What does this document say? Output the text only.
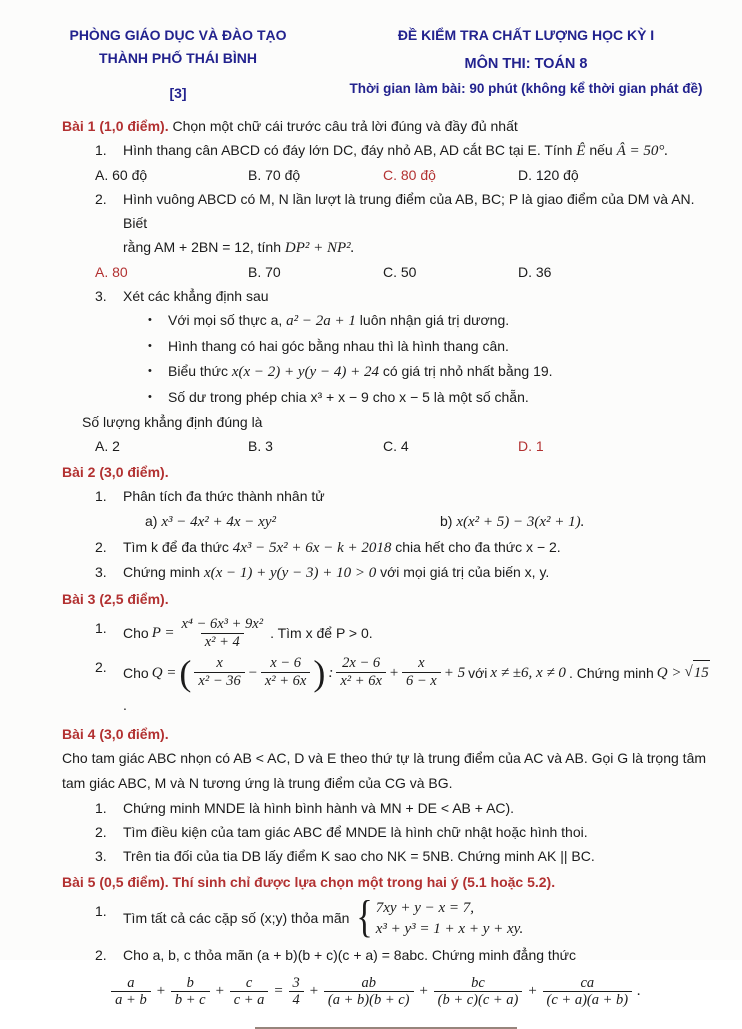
PHÒNG GIÁO DỤC VÀ ĐÀO TẠO
THÀNH PHỐ THÁI BÌNH
[3]
ĐỀ KIỂM TRA CHẤT LƯỢNG HỌC KỲ I
MÔN THI: TOÁN 8
Thời gian làm bài: 90 phút (không kể thời gian phát đề)
Bài 1 (1,0 điểm). Chọn một chữ cái trước câu trả lời đúng và đầy đủ nhất
1.	Hình thang cân ABCD có đáy lớn DC, đáy nhỏ AB, AD cắt BC tại E. Tính Ê nếu Â = 50°.
A. 60 độ	B. 70 độ	C. 80 độ	D. 120 độ
2.	Hình vuông ABCD có M, N lần lượt là trung điểm của AB, BC; P là giao điểm của DM và AN. Biết
rằng AM + 2BN = 12, tính DP² + NP².
A. 80	B. 70	C. 50	D. 36
3.	Xét các khẳng định sau
•	Với mọi số thực a, a² − 2a + 1 luôn nhận giá trị dương.
•	Hình thang có hai góc bằng nhau thì là hình thang cân.
•	Biểu thức x(x − 2) + y(y − 4) + 24 có giá trị nhỏ nhất bằng 19.
•	Số dư trong phép chia x³ + x − 9 cho x − 5 là một số chẵn.
Số lượng khẳng định đúng là
A. 2	B. 3	C. 4	D. 1
Bài 2 (3,0 điểm).
1.	Phân tích đa thức thành nhân tử
a) x³ − 4x² + 4x − xy²	b) x(x² + 5) − 3(x² + 1).
2.	Tìm k để đa thức 4x³ − 5x² + 6x − k + 2018 chia hết cho đa thức x − 2.
3.	Chứng minh x(x − 1) + y(y − 3) + 10 > 0 với mọi giá trị của biến x, y.
Bài 3 (2,5 điểm).
1.	Cho $P = \frac{\text{x⁴ − 6x³ + 9x²}}{\text{x² + 4}}$ . Tìm x để P > 0.
2.	Cho Q = ( $\frac{x}{\text{x² − 36}} - \frac{x - 6}{\text{x² + 6x}}$ ) : $\frac{2x - 6}{\text{x² + 6x}} + \frac{x}{6 - x} + 5$ với x ≠ ±6, x ≠ 0 . Chứng minh Q > √ 15
.
Bài 4 (3,0 điểm).
Cho tam giác ABC nhọn có AB < AC, D và E theo thứ tự là trung điểm của AC và AB. Gọi G là trọng tâm tam giác ABC, M và N tương ứng là trung điểm của CG và BG.
1.	Chứng minh MNDE là hình bình hành và MN + DE < AB + AC).
2.	Tìm điều kiện của tam giác ABC để MNDE là hình chữ nhật hoặc hình thoi.
3.	Trên tia đối của tia DB lấy điểm K sao cho NK = 5NB. Chứng minh AK || BC.
Bài 5 (0,5 điểm). Thí sinh chỉ được lựa chọn một trong hai ý (5.1 hoặc 5.2).
1.	Tìm tất cả các cặp số (x;y) thỏa mãn { 7xy + y − x = 7,
x³ + y³ = 1 + x + y + xy.
2.	Cho a, b, c thỏa mãn (a + b)(b + c)(c + a) = 8abc. Chứng minh đẳng thức
$\frac{a}{a + b} + \frac{b}{b + c} + \frac{c}{c + a} = \frac{3}{4} + \frac{ab}{(a + b)(b + c)} + \frac{bc}{(b + c)(c + a)} + \frac{ca}{(c + a)(a + b)}$ .
